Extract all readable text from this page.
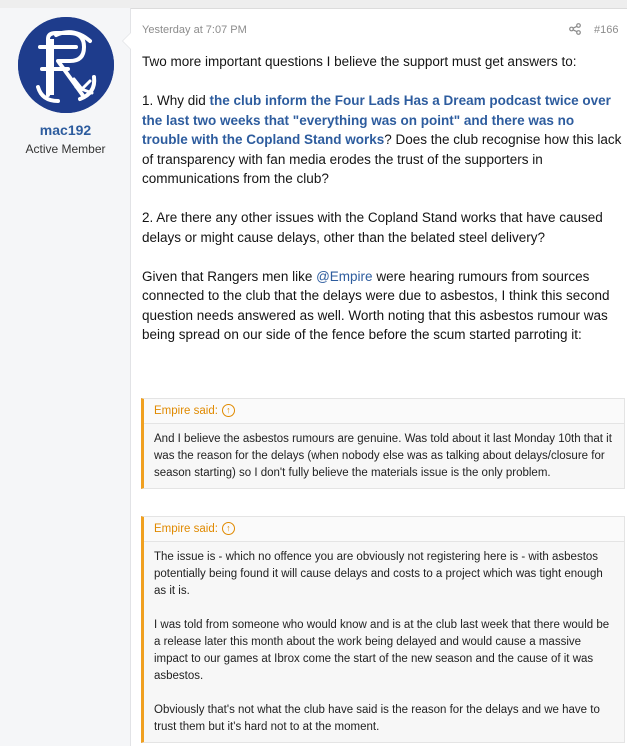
mac192
Active Member
Yesterday at 7:07 PM	#166

Two more important questions I believe the support must get answers to:

1. Why did the club inform the Four Lads Has a Dream podcast twice over the last two weeks that "everything was on point" and there was no trouble with the Copland Stand works? Does the club recognise how this lack of transparency with fan media erodes the trust of the supporters in communications from the club?

2. Are there any other issues with the Copland Stand works that have caused delays or might cause delays, other than the belated steel delivery?

Given that Rangers men like @Empire were hearing rumours from sources connected to the club that the delays were due to asbestos, I think this second question needs answered as well. Worth noting that this asbestos rumour was being spread on our side of the fence before the scum started parroting it:

Empire said: ↑

And I believe the asbestos rumours are genuine. Was told about it last Monday 10th that it was the reason for the delays (when nobody else was as talking about delays/closure for season starting) so I don't fully believe the materials issue is the only problem.

Empire said: ↑

The issue is - which no offence you are obviously not registering here is - with asbestos potentially being found it will cause delays and costs to a project which was tight enough as it is.

I was told from someone who would know and is at the club last week that there would be a release later this month about the work being delayed and would cause a massive impact to our games at Ibrox come the start of the new season and the cause of it was asbestos.

Obviously that's not what the club have said is the reason for the delays and we have to trust them but it's hard not to at the moment.
